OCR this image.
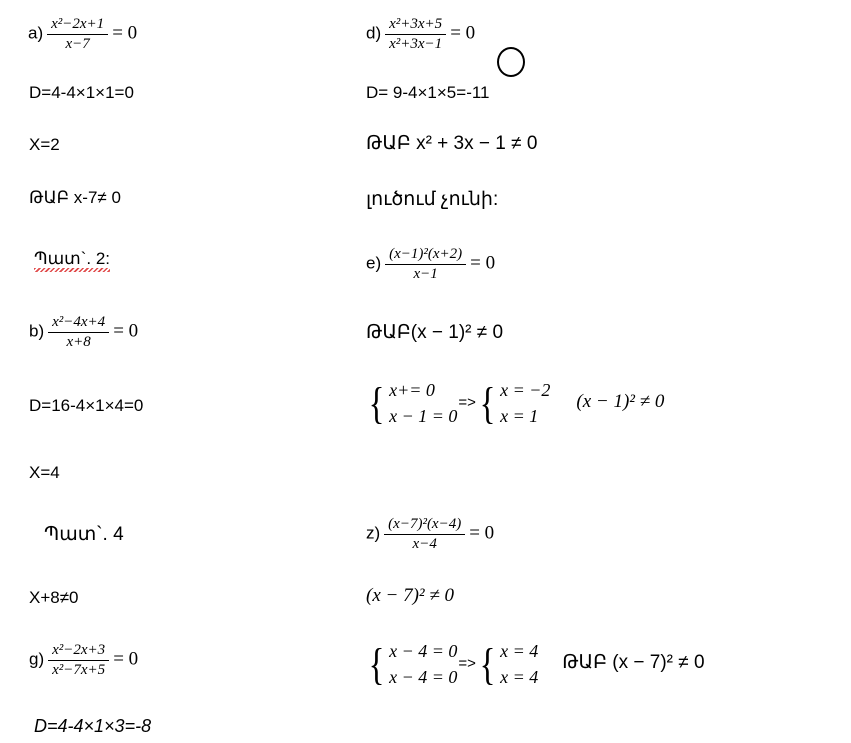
$a) \frac{\text{x²−2x+1}}{x-7} = 0$
D=4-4×1×1=0
X=2
ԹԱԲ x-7≠ 0
Պատ`. 2:
$b) \frac{\text{x²−4x+4}}{x+8} = 0$
D=16-4×1×4=0
X=4
Պատ`. 4
X+8≠0
$g) \frac{\text{x²−2x+3}}{\text{x²−7x+5}} = 0$
D=4-4×1×3=-8
$d) \frac{\text{x²+3x+5}}{\text{x²+3x−1}} = 0$
D= 9-4×1×5=-11
ԹԱԲ x² + 3x − 1 ≠ 0
լուծում չունի:
$e) \frac{\text{(x−1)²(x+2)}}{x-1} = 0$
ԹԱԲ(x − 1)² ≠ 0
{ x+= 0
x − 1 = 0
=> { x = −2
x = 1
(x − 1)² ≠ 0
$z) \frac{\text{(x−7)²(x−4)}}{x-4} = 0$
(x − 7)² ≠ 0
{ x − 4 = 0
x − 4 = 0
=> { x = 4
x = 4
ԹԱԲ (x − 7)² ≠ 0
